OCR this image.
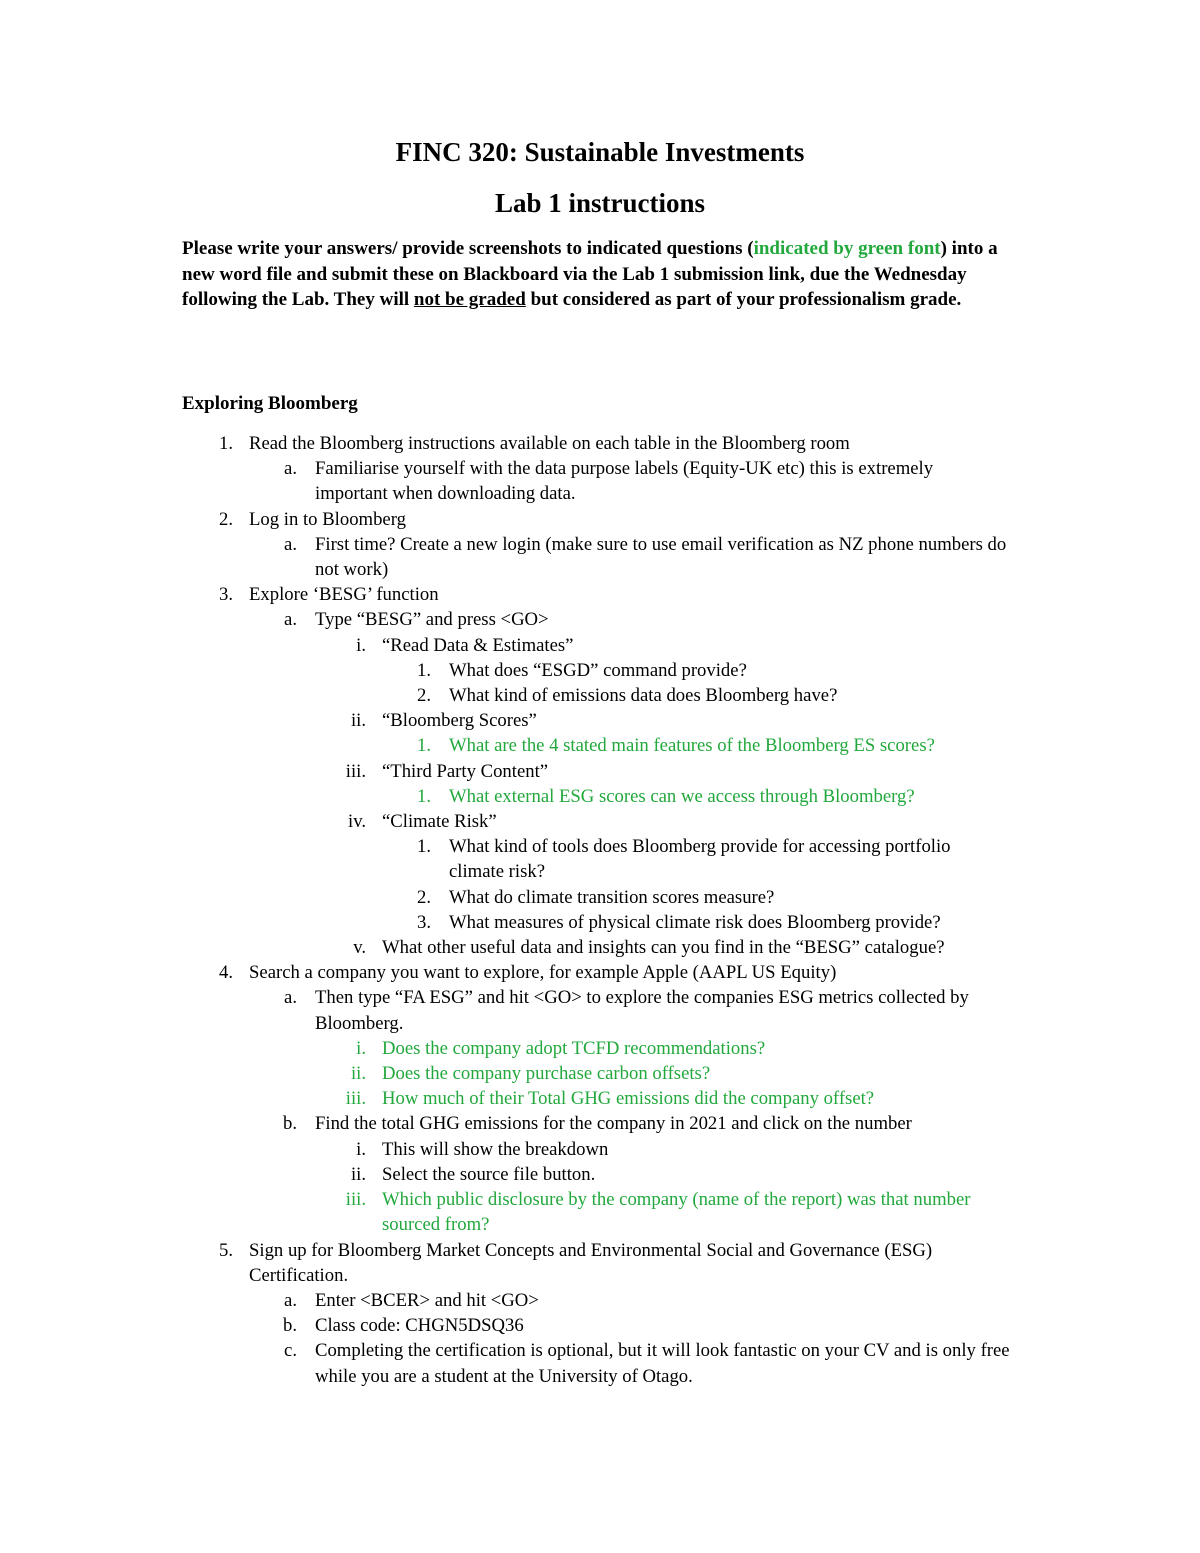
FINC 320: Sustainable Investments
Lab 1 instructions

Please write your answers/ provide screenshots to indicated questions (indicated by green font) into a new word file and submit these on Blackboard via the Lab 1 submission link, due the Wednesday following the Lab. They will not be graded but considered as part of your professionalism grade.

Exploring Bloomberg
1. Read the Bloomberg instructions available on each table in the Bloomberg room
a. Familiarise yourself with the data purpose labels (Equity-UK etc) this is extremely important when downloading data.
2. Log in to Bloomberg
a. First time? Create a new login (make sure to use email verification as NZ phone numbers do not work)
3. Explore ‘BESG’ function
a. Type “BESG” and press <GO>
i. “Read Data & Estimates”
1. What does “ESGD” command provide?
2. What kind of emissions data does Bloomberg have?
ii. “Bloomberg Scores”
1. What are the 4 stated main features of the Bloomberg ES scores?
iii. “Third Party Content”
1. What external ESG scores can we access through Bloomberg?
iv. “Climate Risk”
1. What kind of tools does Bloomberg provide for accessing portfolio climate risk?
2. What do climate transition scores measure?
3. What measures of physical climate risk does Bloomberg provide?
v. What other useful data and insights can you find in the “BESG” catalogue?
4. Search a company you want to explore, for example Apple (AAPL US Equity)
a. Then type “FA ESG” and hit <GO> to explore the companies ESG metrics collected by Bloomberg.
i. Does the company adopt TCFD recommendations?
ii. Does the company purchase carbon offsets?
iii. How much of their Total GHG emissions did the company offset?
b. Find the total GHG emissions for the company in 2021 and click on the number
i. This will show the breakdown
ii. Select the source file button.
iii. Which public disclosure by the company (name of the report) was that number sourced from?
5. Sign up for Bloomberg Market Concepts and Environmental Social and Governance (ESG) Certification.
a. Enter <BCER> and hit <GO>
b. Class code: CHGN5DSQ36
c. Completing the certification is optional, but it will look fantastic on your CV and is only free while you are a student at the University of Otago.
